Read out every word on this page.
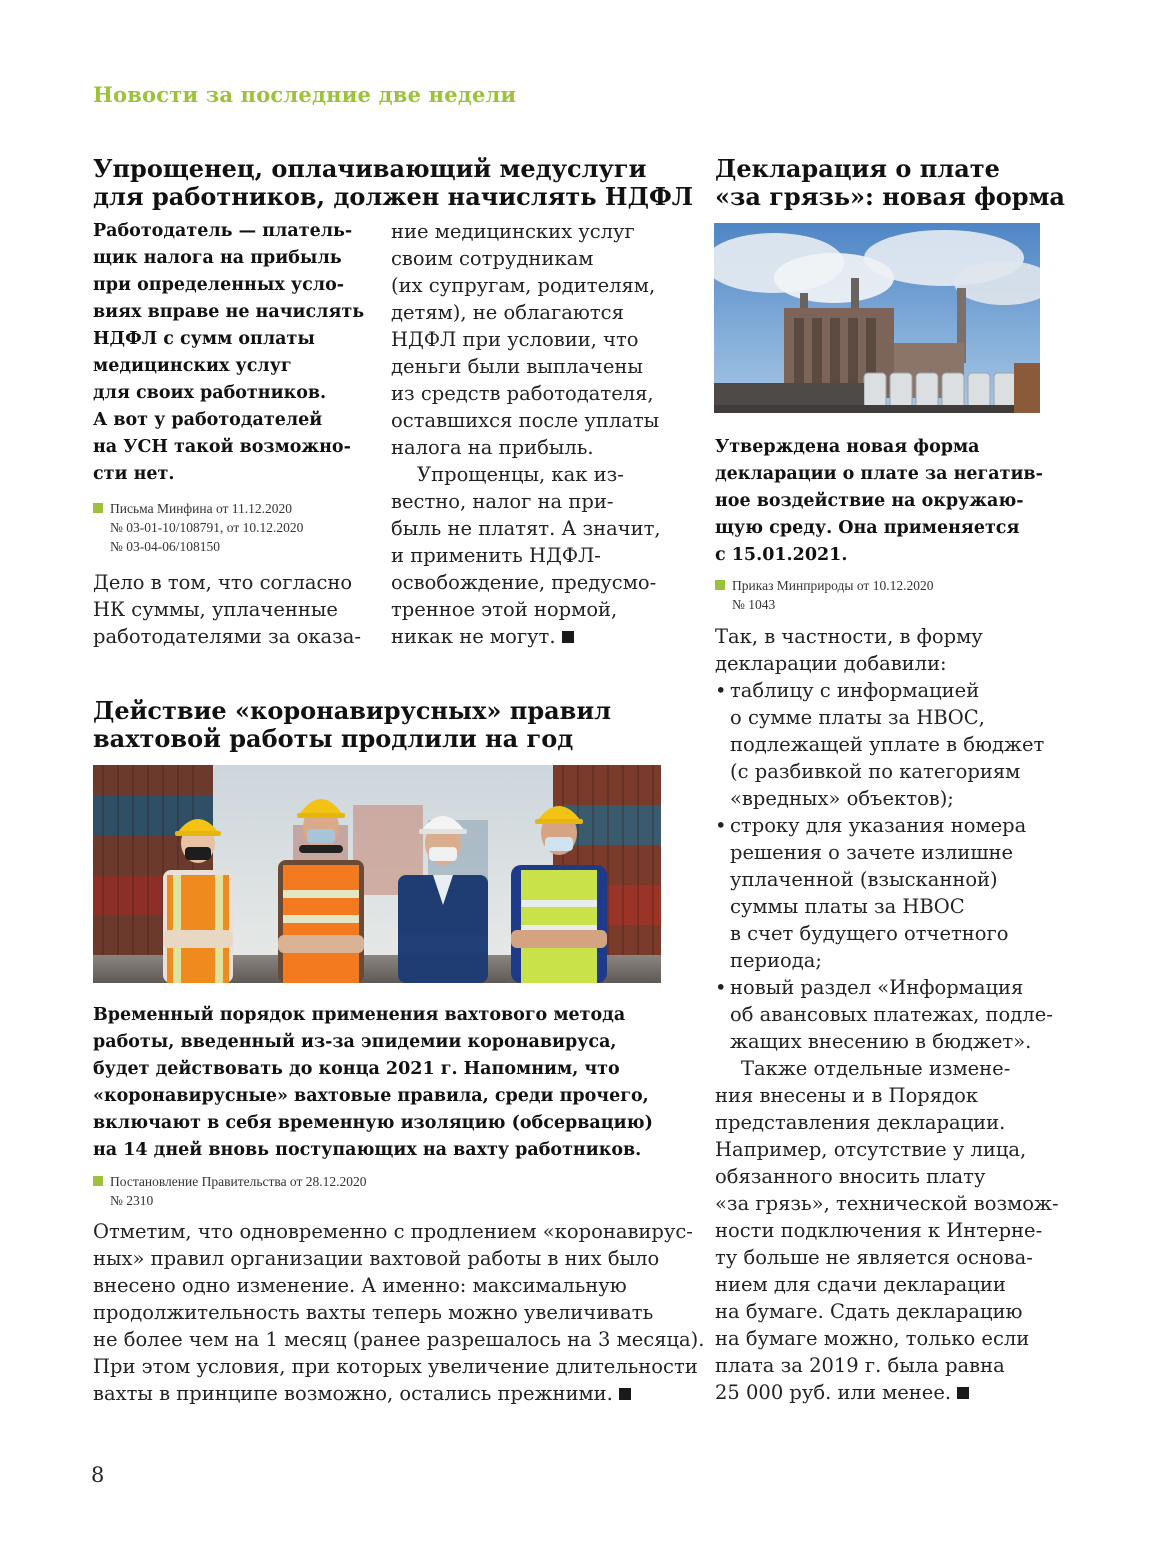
Новости за последние две недели
Упрощенец, оплачивающий медуслуги
для работников, должен начислять НДФЛ
Работодатель — платель-
щик налога на прибыль
при определенных усло-
виях вправе не начислять
НДФЛ с сумм оплаты
медицинских услуг
для своих работников.
А вот у работодателей
на УСН такой возможно-
сти нет.
Письма Минфина от 11.12.2020
№ 03-01-10/108791, от 10.12.2020
№ 03-04-06/108150
Дело в том, что согласно
НК суммы, уплаченные
работодателями за оказа-
ние медицинских услуг
своим сотрудникам
(их супругам, родителям,
детям), не облагаются
НДФЛ при условии, что
деньги были выплачены
из средств работодателя,
оставшихся после уплаты
налога на прибыль.
Упрощенцы, как из-
вестно, налог на при-
быль не платят. А значит,
и применить НДФЛ-
освобождение, предусмо-
тренное этой нормой,
никак не могут.
Действие «коронавирусных» правил
вахтовой работы продлили на год
Временный порядок применения вахтового метода
работы, введенный из-за эпидемии коронавируса,
будет действовать до конца 2021 г. Напомним, что
«коронавирусные» вахтовые правила, среди прочего,
включают в себя временную изоляцию (обсервацию)
на 14 дней вновь поступающих на вахту работников.
Постановление Правительства от 28.12.2020
№ 2310
Отметим, что одновременно с продлением «коронавирус-
ных» правил организации вахтовой работы в них было
внесено одно изменение. А именно: максимальную
продолжительность вахты теперь можно увеличивать
не более чем на 1 месяц (ранее разрешалось на 3 месяца).
При этом условия, при которых увеличение длительности
вахты в принципе возможно, остались прежними.
Декларация о плате
«за грязь»: новая форма
Утверждена новая форма
декларации о плате за негатив-
ное воздействие на окружаю-
щую среду. Она применяется
с 15.01.2021.
Приказ Минприроды от 10.12.2020
№ 1043
Так, в частности, в форму
декларации добавили:
• таблицу с информацией
о сумме платы за НВОС,
подлежащей уплате в бюджет
(с разбивкой по категориям
«вредных» объектов);
• строку для указания номера
решения о зачете излишне
уплаченной (взысканной)
суммы платы за НВОС
в счет будущего отчетного
периода;
• новый раздел «Информация
об авансовых платежах, подле-
жащих внесению в бюджет».
Также отдельные измене-
ния внесены и в Порядок
представления декларации.
Например, отсутствие у лица,
обязанного вносить плату
«за грязь», технической возмож-
ности подключения к Интерне-
ту больше не является основа-
нием для сдачи декларации
на бумаге. Сдать декларацию
на бумаге можно, только если
плата за 2019 г. была равна
25 000 руб. или менее.
8
